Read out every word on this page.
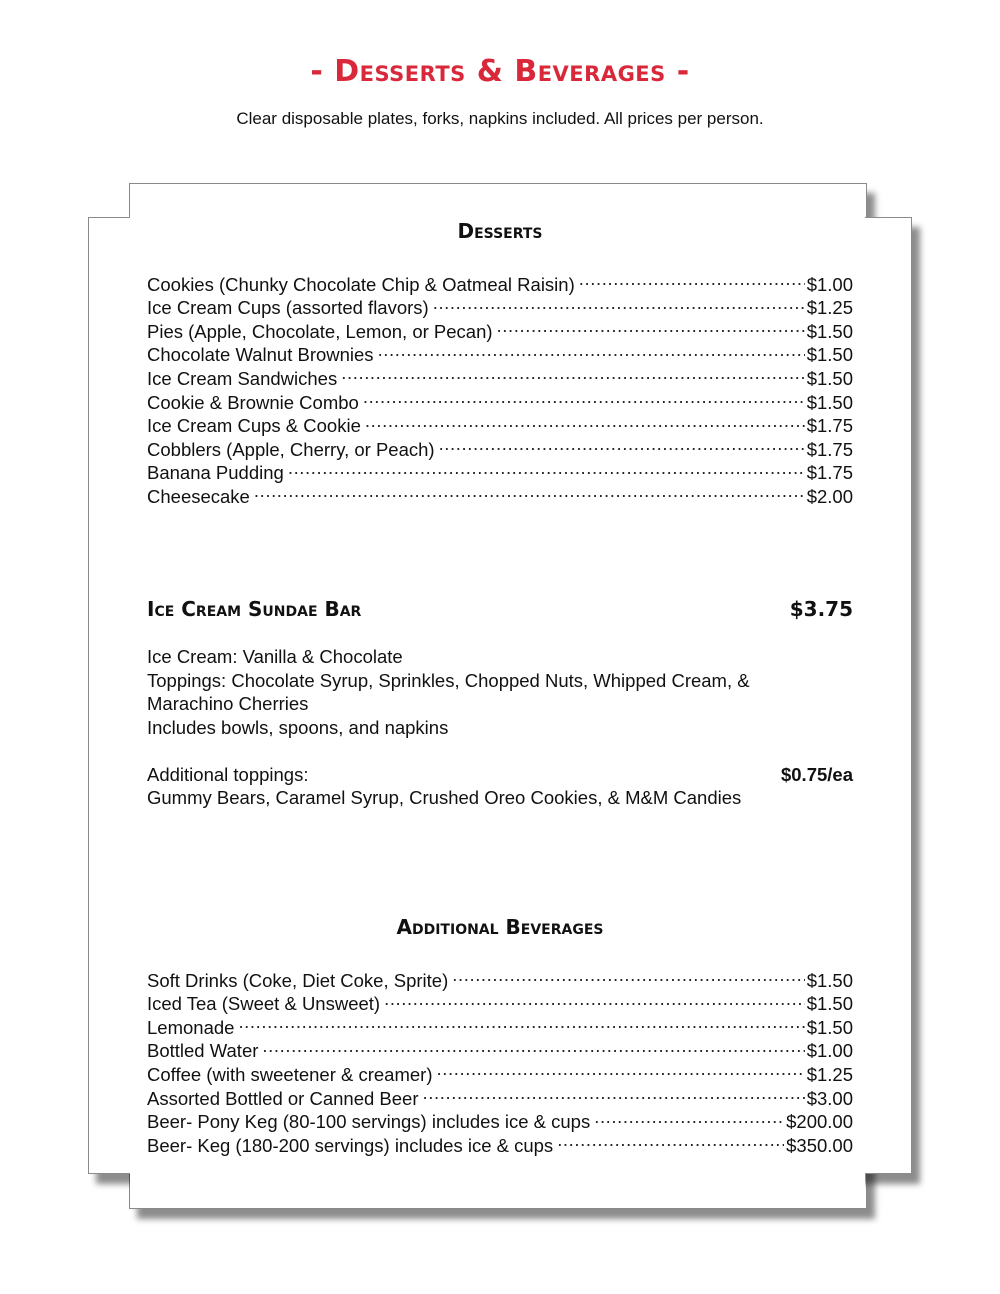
- Desserts & Beverages -
Clear disposable plates, forks, napkins included. All prices per person.
Desserts
Cookies (Chunky Chocolate Chip & Oatmeal Raisin) .....	$1.00
Ice Cream Cups (assorted flavors) .....	$1.25
Pies (Apple, Chocolate, Lemon, or Pecan) .....	$1.50
Chocolate Walnut Brownies .....	$1.50
Ice Cream Sandwiches .....	$1.50
Cookie & Brownie Combo .....	$1.50
Ice Cream Cups & Cookie .....	$1.75
Cobblers (Apple, Cherry, or Peach) .....	$1.75
Banana Pudding .....	$1.75
Cheesecake .....	$2.00
Ice Cream Sundae Bar	$3.75
Ice Cream: Vanilla & Chocolate
Toppings: Chocolate Syrup, Sprinkles, Chopped Nuts, Whipped Cream, &
Marachino Cherries
Includes bowls, spoons, and napkins
Additional toppings:	$0.75/ea
Gummy Bears, Caramel Syrup, Crushed Oreo Cookies, & M&M Candies
Additional Beverages
Soft Drinks (Coke, Diet Coke, Sprite) .....	$1.50
Iced Tea (Sweet & Unsweet) .....	$1.50
Lemonade .....	$1.50
Bottled Water .....	$1.00
Coffee (with sweetener & creamer) .....	$1.25
Assorted Bottled or Canned Beer .....	$3.00
Beer- Pony Keg (80-100 servings) includes ice & cups .....	$200.00
Beer- Keg (180-200 servings) includes ice & cups .....	$350.00
